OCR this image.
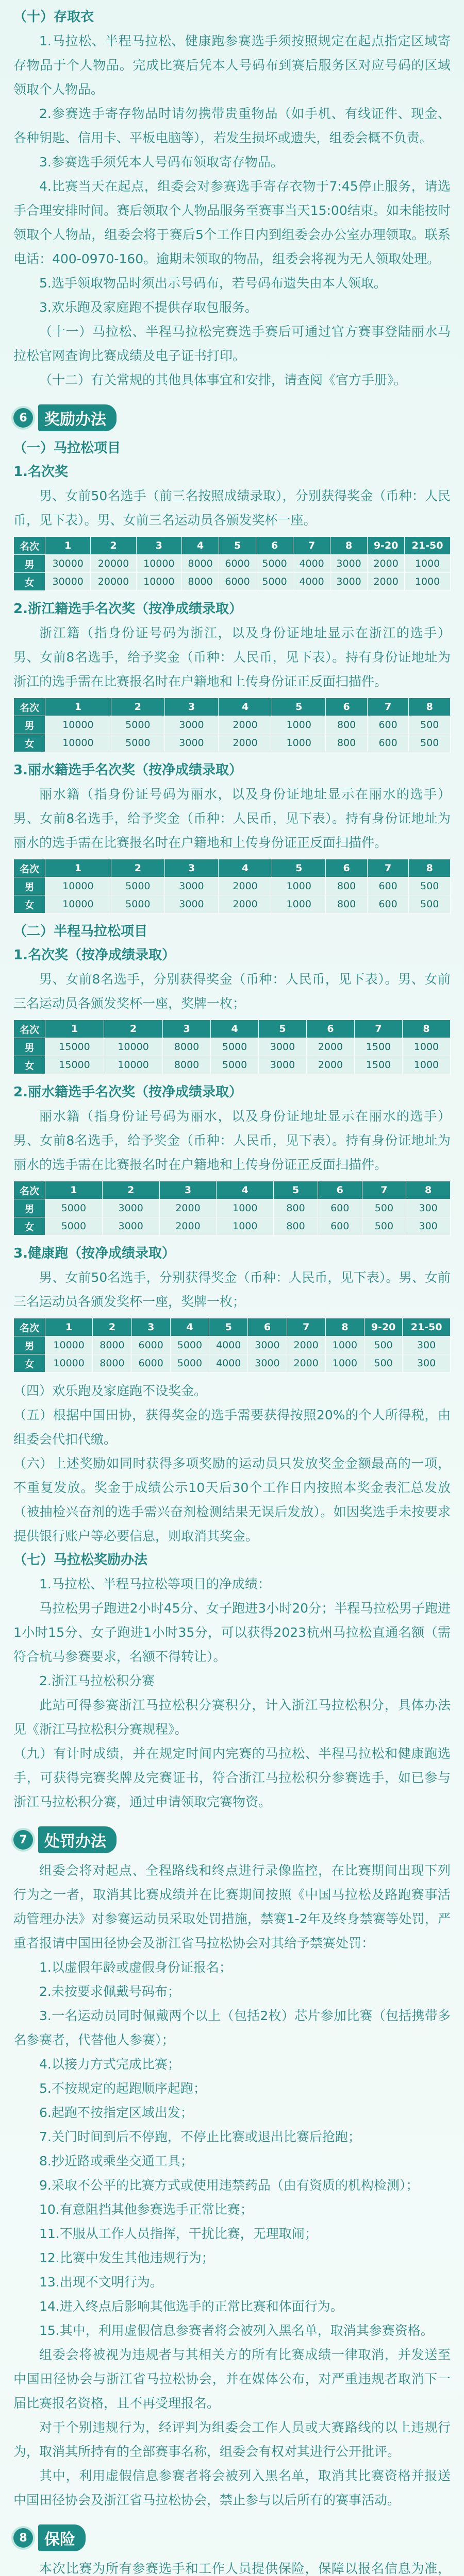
（十）存取衣

1.马拉松、半程马拉松、健康跑参赛选手须按照规定在起点指定区域寄存物品于个人物品。完成比赛后凭本人号码布到赛后服务区对应号码的区域领取个人物品。

2.参赛选手寄存物品时请勿携带贵重物品（如手机、有线证件、现金、各种钥匙、信用卡、平板电脑等），若发生损坏或遗失，组委会概不负责。

3.参赛选手须凭本人号码布领取寄存物品。

4.比赛当天在起点，组委会对参赛选手寄存衣物于7:45停止服务，请选手合理安排时间。赛后领取个人物品服务至赛事当天15:00结束。如未能按时领取个人物品，组委会将于赛后5个工作日内到组委会办公室办理领取。联系电话：400-0970-160。逾期未领取的物品，组委会将视为无人领取处理。

5.选手领取物品时须出示号码布，若号码布遗失由本人领取。

3.欢乐跑及家庭跑不提供存取包服务。

（十一）马拉松、半程马拉松完赛选手赛后可通过官方赛事登陆丽水马拉松官网查询比赛成绩及电子证书打印。

（十二）有关常规的其他具体事宜和安排，请查阅《官方手册》。

6	奖励办法

（一）马拉松项目

1.名次奖

男、女前50名选手（前三名按照成绩录取），分别获得奖金（币种：人民币，见下表）。男、女前三名运动员各颁发奖杯一座。

名次	1	2	3	4	5	6	7	8	9-20	21-50
男	30000	20000	10000	8000	6000	5000	4000	3000	2000	1000
女	30000	20000	10000	8000	6000	5000	4000	3000	2000	1000

2.浙江籍选手名次奖（按净成绩录取）

浙江籍（指身份证号码为浙江，以及身份证地址显示在浙江的选手）男、女前8名选手，给予奖金（币种：人民币，见下表）。持有身份证地址为浙江的选手需在比赛报名时在户籍地和上传身份证正反面扫描件。

名次	1	2	3	4	5	6	7	8
男	10000	5000	3000	2000	1000	800	600	500
女	10000	5000	3000	2000	1000	800	600	500

3.丽水籍选手名次奖（按净成绩录取）

丽水籍（指身份证号码为丽水，以及身份证地址显示在丽水的选手）男、女前8名选手，给予奖金（币种：人民币，见下表）。持有身份证地址为丽水的选手需在比赛报名时在户籍地和上传身份证正反面扫描件。

名次	1	2	3	4	5	6	7	8
男	10000	5000	3000	2000	1000	800	600	500
女	10000	5000	3000	2000	1000	800	600	500

（二）半程马拉松项目

1.名次奖（按净成绩录取）

男、女前8名选手，分别获得奖金（币种：人民币，见下表）。男、女前三名运动员各颁发奖杯一座，奖牌一枚；

名次	1	2	3	4	5	6	7	8
男	15000	10000	8000	5000	3000	2000	1500	1000
女	15000	10000	8000	5000	3000	2000	1500	1000

2.丽水籍选手名次奖（按净成绩录取）

丽水籍（指身份证号码为丽水，以及身份证地址显示在丽水的选手）男、女前8名选手，给予奖金（币种：人民币，见下表）。持有身份证地址为丽水的选手需在比赛报名时在户籍地和上传身份证正反面扫描件。

名次	1	2	3	4	5	6	7	8
男	5000	3000	2000	1000	800	600	500	300
女	5000	3000	2000	1000	800	600	500	300

3.健康跑（按净成绩录取）

男、女前50名选手，分别获得奖金（币种：人民币，见下表）。男、女前三名运动员各颁发奖杯一座，奖牌一枚；

名次	1	2	3	4	5	6	7	8	9-20	21-50
男	10000	8000	6000	5000	4000	3000	2000	1000	500	300
女	10000	8000	6000	5000	4000	3000	2000	1000	500	300

（四）欢乐跑及家庭跑不设奖金。

（五）根据中国田协，获得奖金的选手需要获得按照20%的个人所得税，由组委会代扣代缴。

（六）上述奖励如同时获得多项奖励的运动员只发放奖金金额最高的一项，不重复发放。奖金于成绩公示10天后30个工作日内按照本奖金表汇总发放（被抽检兴奋剂的选手需兴奋剂检测结果无误后发放）。如因奖选手未按要求提供银行账户等必要信息，则取消其奖金。

（七）马拉松奖励办法

1.马拉松、半程马拉松等项目的净成绩：

马拉松男子跑进2小时45分、女子跑进3小时20分；半程马拉松男子跑进1小时15分、女子跑进1小时35分，可以获得2023杭州马拉松直通名额（需符合杭马参赛要求，名额不得转让）。

2.浙江马拉松积分赛

此站可得参赛浙江马拉松积分赛积分，计入浙江马拉松积分，具体办法见《浙江马拉松积分赛规程》。

（九）有计时成绩，并在规定时间内完赛的马拉松、半程马拉松和健康跑选手，可获得完赛奖牌及完赛证书，符合浙江马拉松积分参赛选手，如已参与浙江马拉松积分赛，通过申请领取完赛物资。

7	处罚办法

组委会将对起点、全程路线和终点进行录像监控，在比赛期间出现下列行为之一者，取消其比赛成绩并在比赛期间按照《中国马拉松及路跑赛事活动管理办法》对参赛运动员采取处罚措施，禁赛1-2年及终身禁赛等处罚，严重者报请中国田径协会及浙江省马拉松协会对其给予禁赛处罚：

1.以虚假年龄或虚假身份证报名；

2.未按要求佩戴号码布；

3.一名运动员同时佩戴两个以上（包括2枚）芯片参加比赛（包括携带多名参赛者，代替他人参赛）；

4.以接力方式完成比赛；

5.不按规定的起跑顺序起跑；

6.起跑不按指定区域出发；

7.关门时间到后不停跑，不停止比赛或退出比赛后抢跑；

8.抄近路或乘坐交通工具；

9.采取不公平的比赛方式或使用违禁药品（由有资质的机构检测）；

10.有意阻挡其他参赛选手正常比赛；

11.不服从工作人员指挥，干扰比赛，无理取闹；

12.比赛中发生其他违规行为；

13.出现不文明行为。

14.进入终点后影响其他选手的正常比赛和体面行为。

15.其中，利用虚假信息参赛者将会被列入黑名单，取消其参赛资格。

组委会将被视为违规者与其相关方的所有比赛成绩一律取消，并发送至中国田径协会与浙江省马拉松协会，并在媒体公布，对严重违规者取消下一届比赛报名资格，且不再受理报名。

对于个别违规行为，经评判为组委会工作人员或大赛路线的以上违规行为，取消其所持有的全部赛事名称，组委会有权对其进行公开批评。

其中，利用虚假信息参赛者将会被列入黑名单，取消其比赛资格并报送中国田径协会及浙江省马拉松协会，禁止参与以后所有的赛事活动。

8	保险

本次比赛为所有参赛选手和工作人员提供保险，保障以报名信息为准，
